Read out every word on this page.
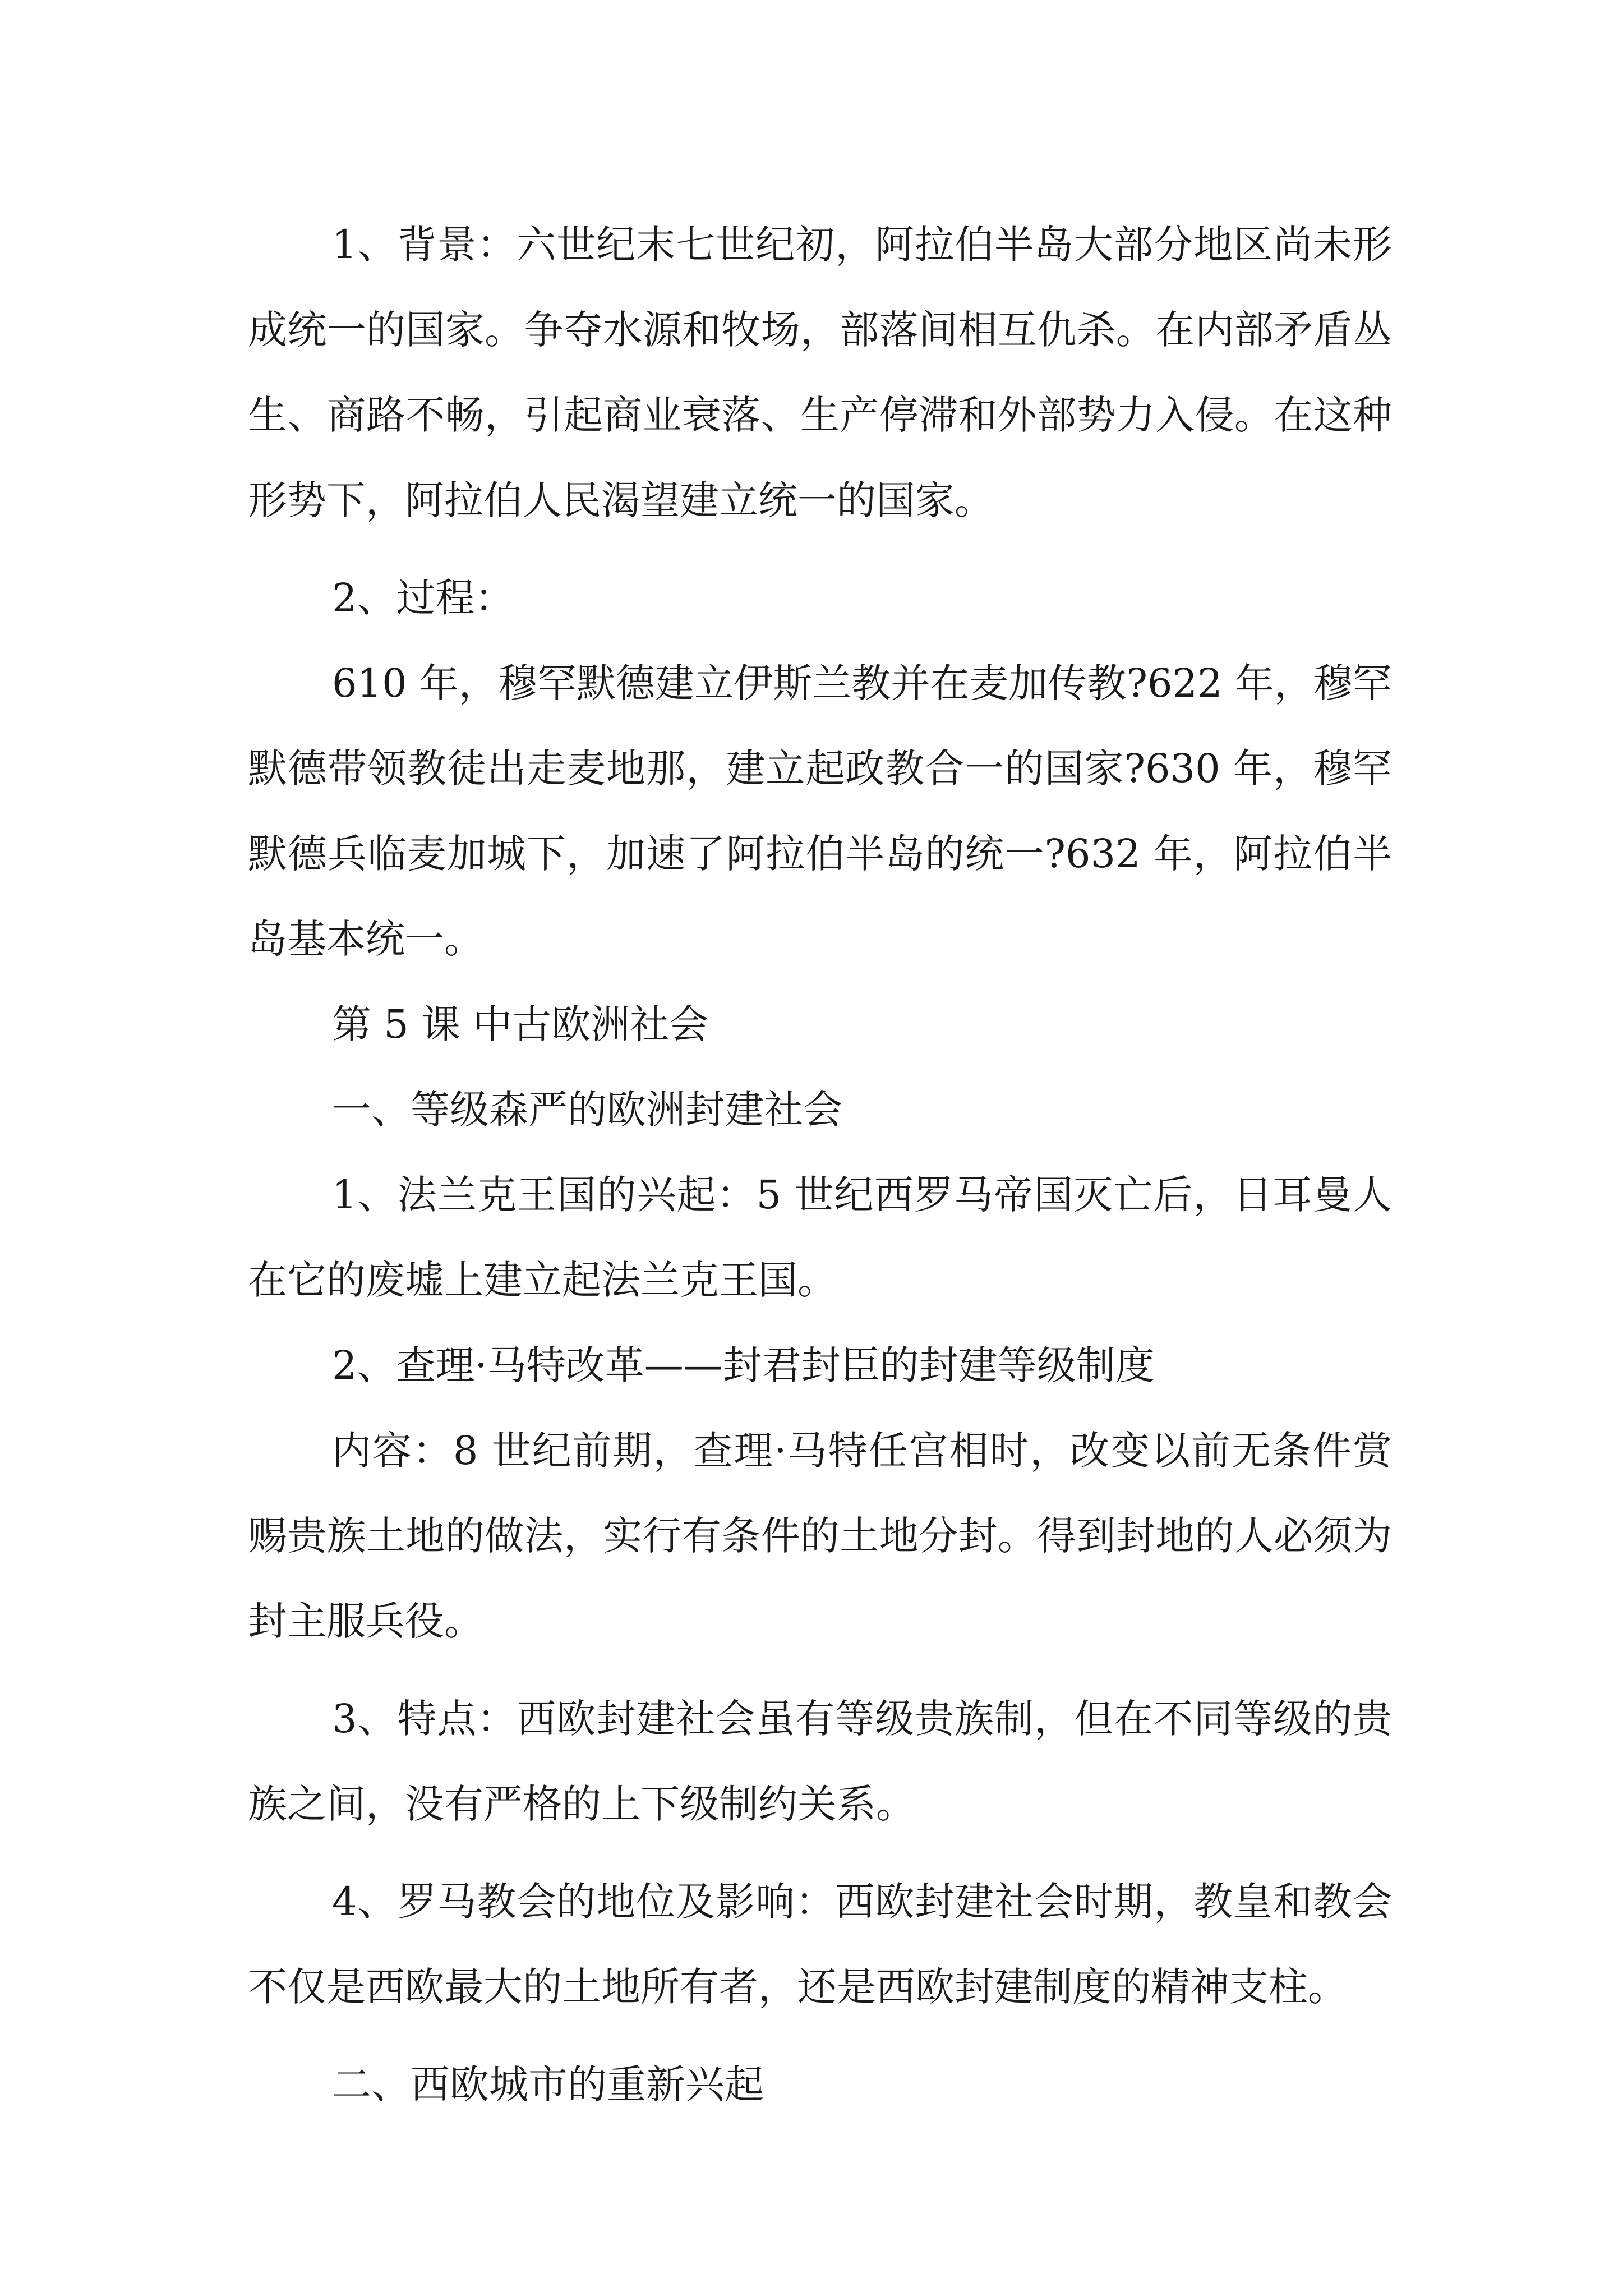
1、背景：六世纪末七世纪初，阿拉伯半岛大部分地区尚未形成统一的国家。争夺水源和牧场，部落间相互仇杀。在内部矛盾丛生、商路不畅，引起商业衰落、生产停滞和外部势力入侵。在这种形势下，阿拉伯人民渴望建立统一的国家。

2、过程：

610 年，穆罕默德建立伊斯兰教并在麦加传教?622 年，穆罕默德带领教徒出走麦地那，建立起政教合一的国家?630 年，穆罕默德兵临麦加城下，加速了阿拉伯半岛的统一?632 年，阿拉伯半岛基本统一。

第 5 课 中古欧洲社会

一、等级森严的欧洲封建社会

1、法兰克王国的兴起：5 世纪西罗马帝国灭亡后，日耳曼人在它的废墟上建立起法兰克王国。

2、查理·马特改革——封君封臣的封建等级制度

内容：8 世纪前期，查理·马特任宫相时，改变以前无条件赏赐贵族土地的做法，实行有条件的土地分封。得到封地的人必须为封主服兵役。

3、特点：西欧封建社会虽有等级贵族制，但在不同等级的贵族之间，没有严格的上下级制约关系。

4、罗马教会的地位及影响：西欧封建社会时期，教皇和教会不仅是西欧最大的土地所有者，还是西欧封建制度的精神支柱。

二、西欧城市的重新兴起
